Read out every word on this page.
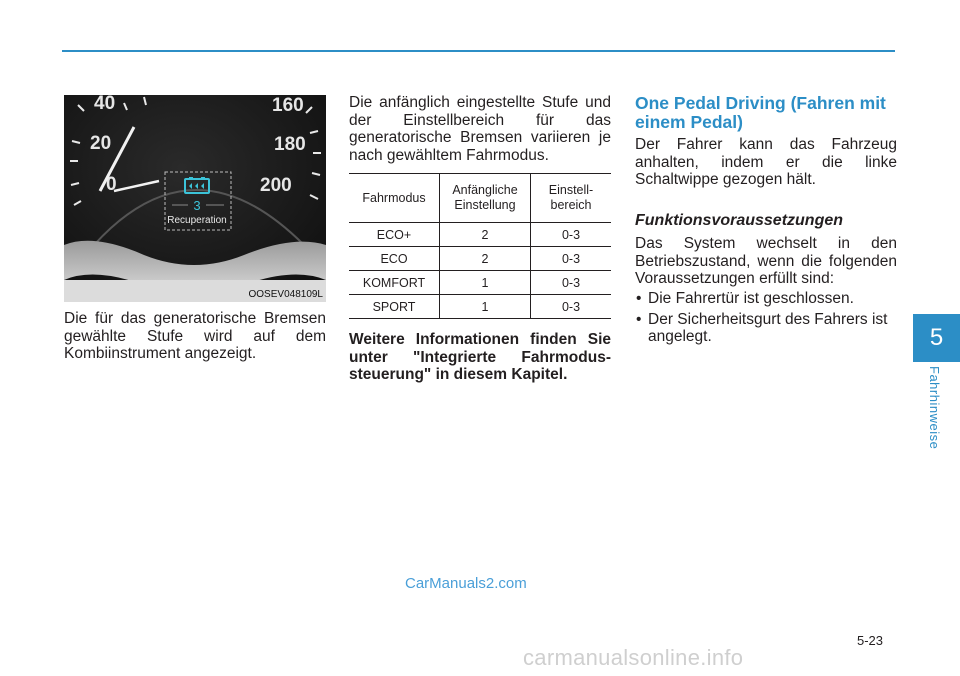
40	160
20	180
0	200
3
Recuperation
OOSEV048109L

Die für das generatorische Bremsen gewählte Stufe wird auf dem Kombiinstrument angezeigt.

Die anfänglich eingestellte Stufe und der Einstellbereich für das generatorische Bremsen variieren je nach gewähltem Fahrmodus.

Fahrmodus	Anfängliche Einstellung	Einstell- bereich
ECO+	2	0-3
ECO	2	0-3
KOMFORT	1	0-3
SPORT	1	0-3

Weitere Informationen finden Sie unter "Integrierte Fahrmodus-steuerung" in diesem Kapitel.

One Pedal Driving (Fahren mit einem Pedal)

Der Fahrer kann das Fahrzeug anhalten, indem er die linke Schaltwippe gezogen hält.

Funktionsvoraussetzungen

Das System wechselt in den Betriebszustand, wenn die folgenden Voraussetzungen erfüllt sind:

• Die Fahrertür ist geschlossen.
• Der Sicherheitsgurt des Fahrers ist angelegt.	5
Fahrhinweise
CarManuals2.com
5-23
carmanualsonline.info
